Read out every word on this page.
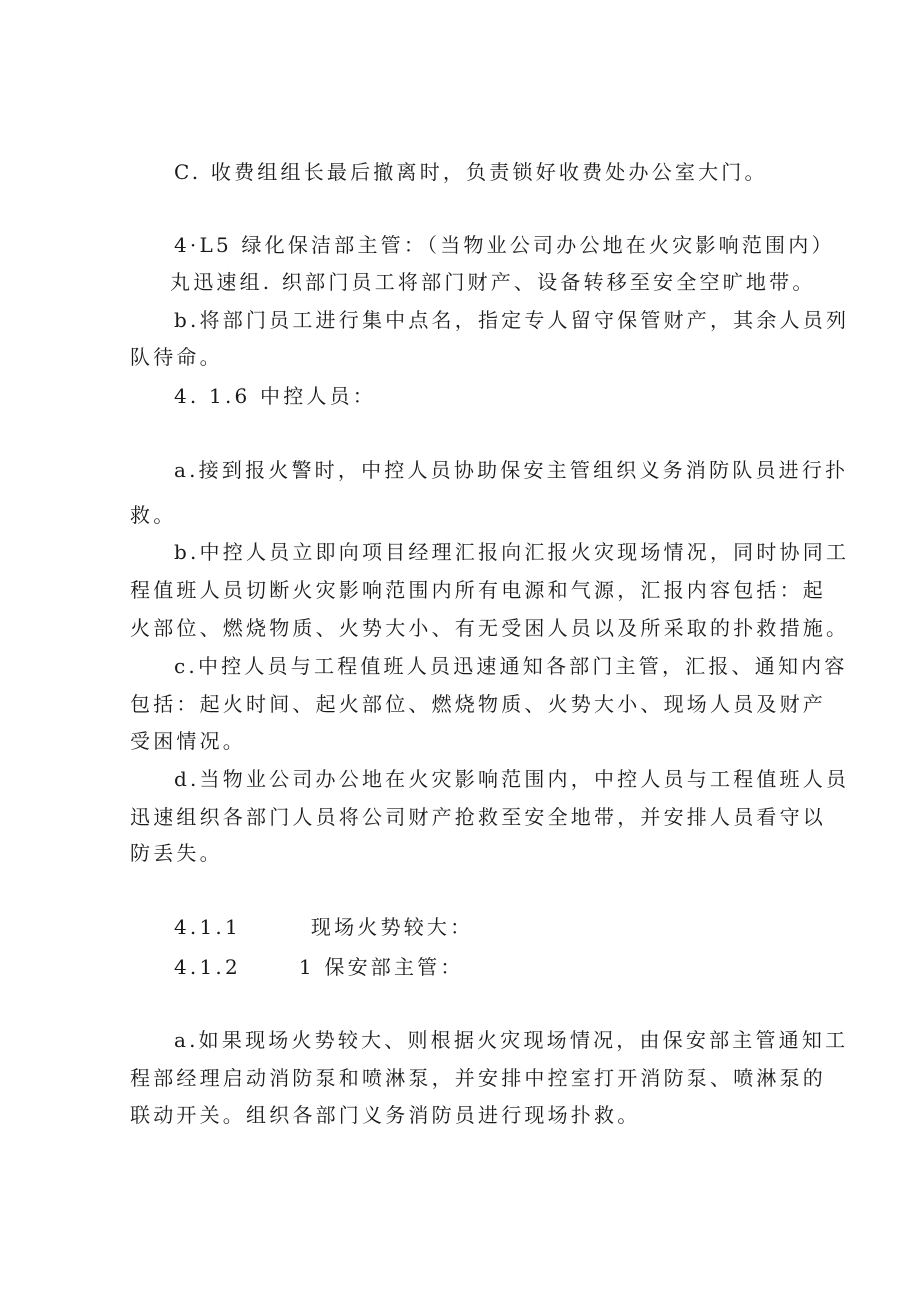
C. 收费组组长最后撤离时，负责锁好收费处办公室大门。
4·L5 绿化保洁部主管：（当物业公司办公地在火灾影响范围内）
丸迅速组. 织部门员工将部门财产、设备转移至安全空旷地带。
b.将部门员工进行集中点名，指定专人留守保管财产，其余人员列
队待命。
4. 1.6 中控人员：
a.接到报火警时，中控人员协助保安主管组织义务消防队员进行扑
救。
b.中控人员立即向项目经理汇报向汇报火灾现场情况，同时协同工
程值班人员切断火灾影响范围内所有电源和气源，汇报内容包括：起
火部位、燃烧物质、火势大小、有无受困人员以及所采取的扑救措施。
c.中控人员与工程值班人员迅速通知各部门主管，汇报、通知内容
包括：起火时间、起火部位、燃烧物质、火势大小、现场人员及财产
受困情况。
d.当物业公司办公地在火灾影响范围内，中控人员与工程值班人员
迅速组织各部门人员将公司财产抢救至安全地带，并安排人员看守以
防丢失。
4.1.1	现场火势较大：
4.1.2	1 保安部主管：
a.如果现场火势较大、则根据火灾现场情况，由保安部主管通知工
程部经理启动消防泵和喷淋泵，并安排中控室打开消防泵、喷淋泵的
联动开关。组织各部门义务消防员进行现场扑救。
